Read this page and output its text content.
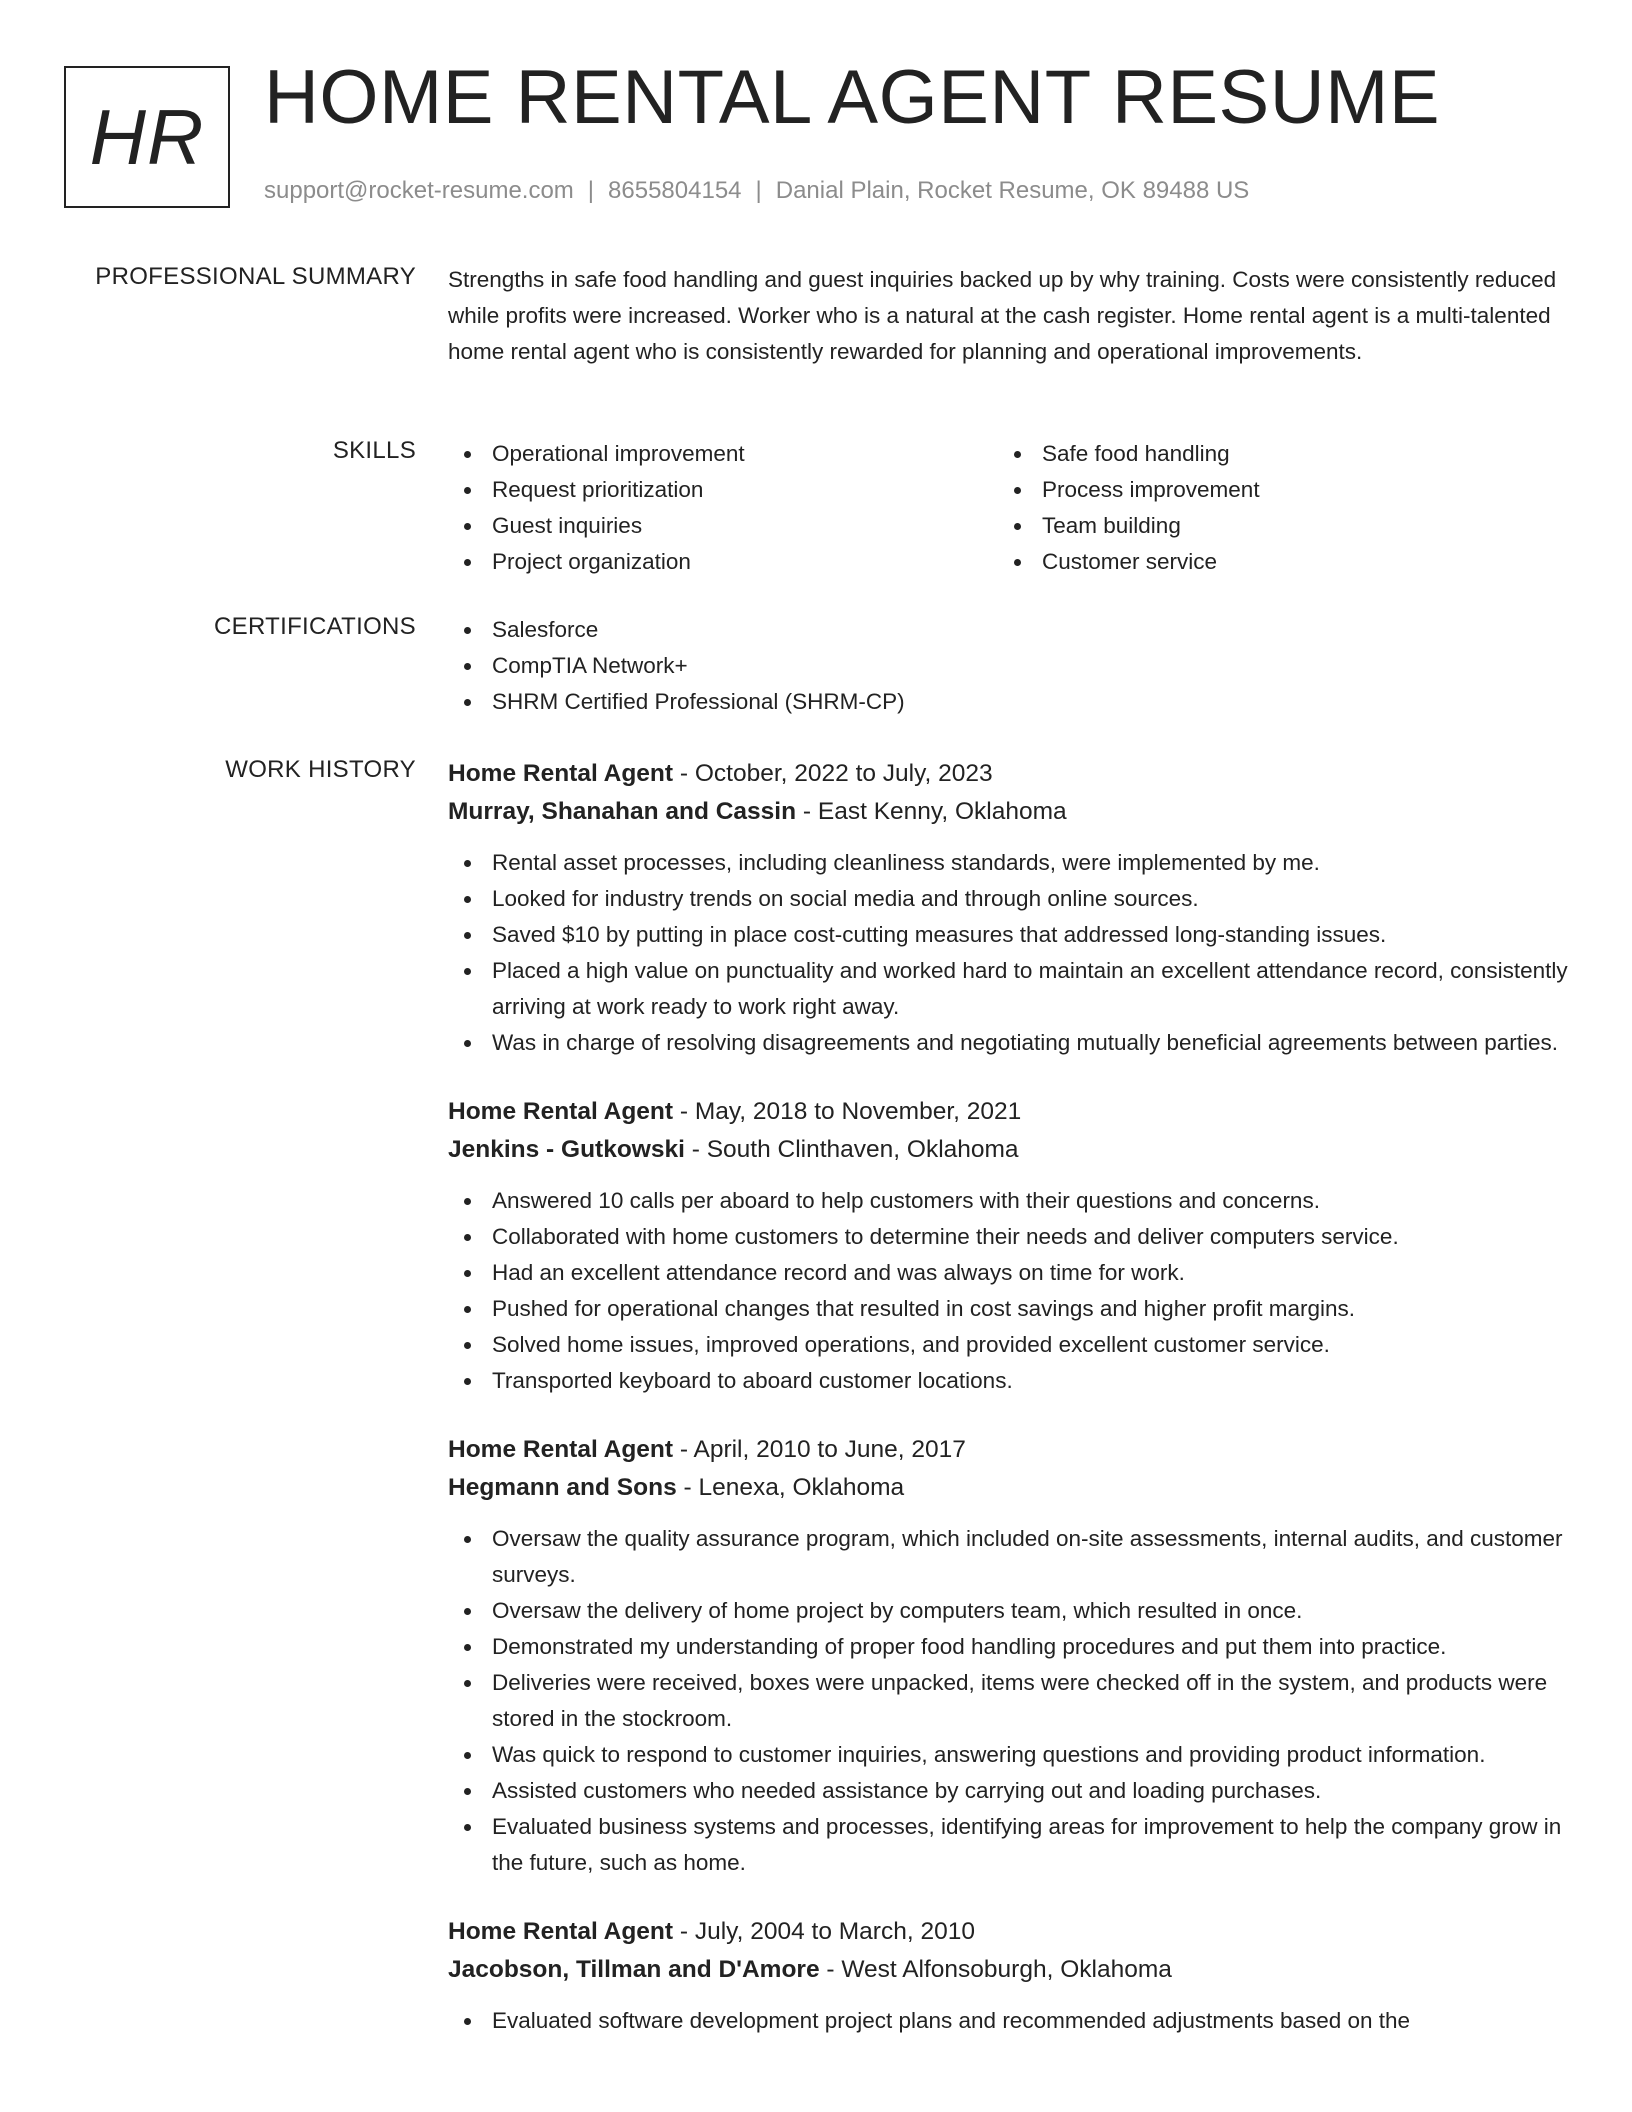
HR HOME RENTAL AGENT RESUME
support@rocket-resume.com | 8655804154 | Danial Plain, Rocket Resume, OK 89488 US
PROFESSIONAL SUMMARY Strengths in safe food handling and guest inquiries backed up by why training. Costs were consistently reduced while profits were increased. Worker who is a natural at the cash register. Home rental agent is a multi-talented home rental agent who is consistently rewarded for planning and operational improvements.

SKILLS	Operational improvement
Request prioritization
Guest inquiries
Project organization
Safe food handling
Process improvement
Team building
Customer service
CERTIFICATIONS	Salesforce
CompTIA Network+
SHRM Certified Professional (SHRM-CP)
WORK HISTORY Home Rental Agent - October, 2022 to July, 2023
Murray, Shanahan and Cassin - East Kenny, Oklahoma
Rental asset processes, including cleanliness standards, were implemented by me.
Looked for industry trends on social media and through online sources.
Saved $10 by putting in place cost-cutting measures that addressed long-standing issues.
Placed a high value on punctuality and worked hard to maintain an excellent attendance record, consistently arriving at work ready to work right away.
Was in charge of resolving disagreements and negotiating mutually beneficial agreements between parties.
Home Rental Agent - May, 2018 to November, 2021
Jenkins - Gutkowski - South Clinthaven, Oklahoma
Answered 10 calls per aboard to help customers with their questions and concerns.
Collaborated with home customers to determine their needs and deliver computers service.
Had an excellent attendance record and was always on time for work.
Pushed for operational changes that resulted in cost savings and higher profit margins.
Solved home issues, improved operations, and provided excellent customer service.
Transported keyboard to aboard customer locations.
Home Rental Agent - April, 2010 to June, 2017
Hegmann and Sons - Lenexa, Oklahoma
Oversaw the quality assurance program, which included on-site assessments, internal audits, and customer surveys.
Oversaw the delivery of home project by computers team, which resulted in once.
Demonstrated my understanding of proper food handling procedures and put them into practice.
Deliveries were received, boxes were unpacked, items were checked off in the system, and products were stored in the stockroom.
Was quick to respond to customer inquiries, answering questions and providing product information.
Assisted customers who needed assistance by carrying out and loading purchases.
Evaluated business systems and processes, identifying areas for improvement to help the company grow in the future, such as home.
Home Rental Agent - July, 2004 to March, 2010
Jacobson, Tillman and D'Amore - West Alfonsoburgh, Oklahoma
Evaluated software development project plans and recommended adjustments based on the
